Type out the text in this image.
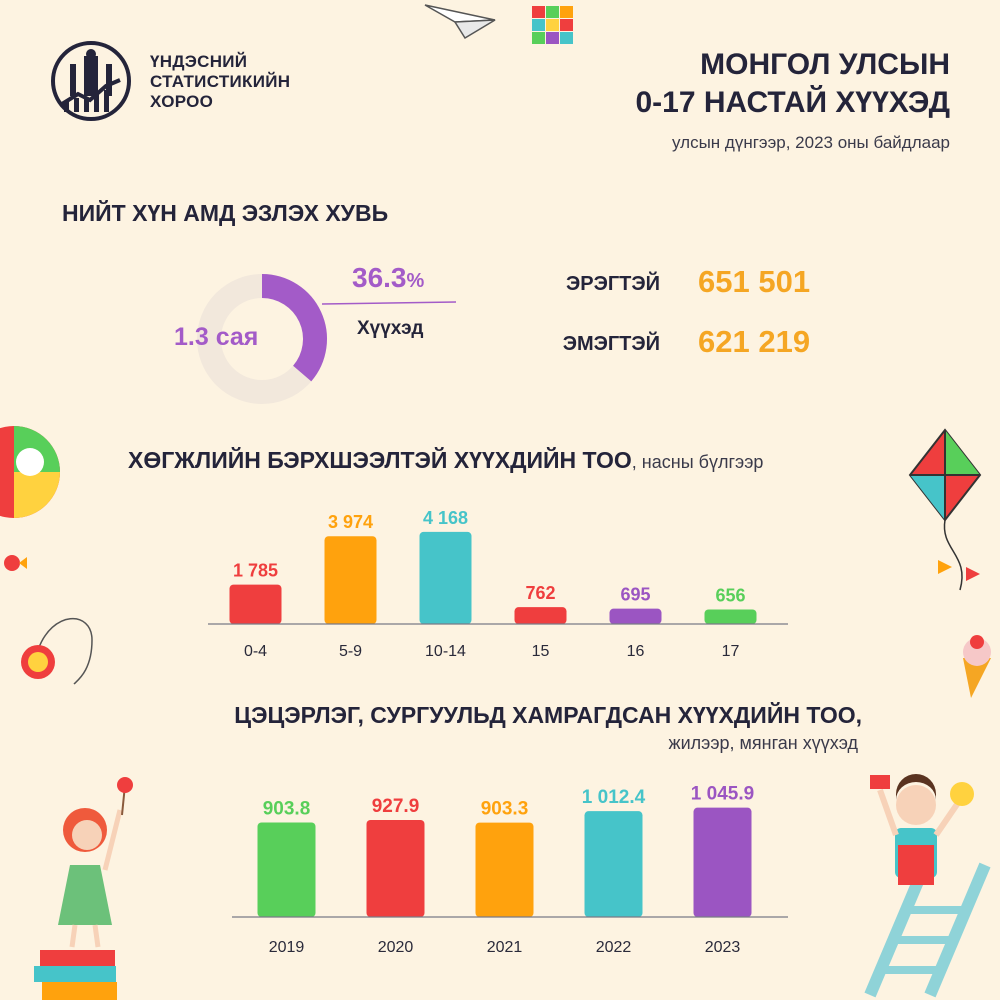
ҮНДЭСНИЙ
СТАТИСТИКИЙН
ХОРОО
МОНГОЛ УЛСЫН
0-17 НАСТАЙ ХҮҮХЭД
улсын дүнгээр, 2023 оны байдлаар
НИЙТ ХҮН АМД ЭЗЛЭХ ХУВЬ
1.3 сая
36.3%
Хүүхэд
ЭРЭГТЭЙ 651 501
ЭМЭГТЭЙ 621 219
ХӨГЖЛИЙН БЭРХШЭЭЛТЭЙ ХҮҮХДИЙН ТОО, насны бүлгээр
1 785
0-4
3 974
5-9
4 168
10-14
762
15
695
16
656
17
ЦЭЦЭРЛЭГ, СУРГУУЛЬД ХАМРАГДСАН ХҮҮХДИЙН ТОО,
жилээр, мянган хүүхэд
903.8
2019
927.9
2020
903.3
2021
1 012.4
2022
1 045.9
2023
